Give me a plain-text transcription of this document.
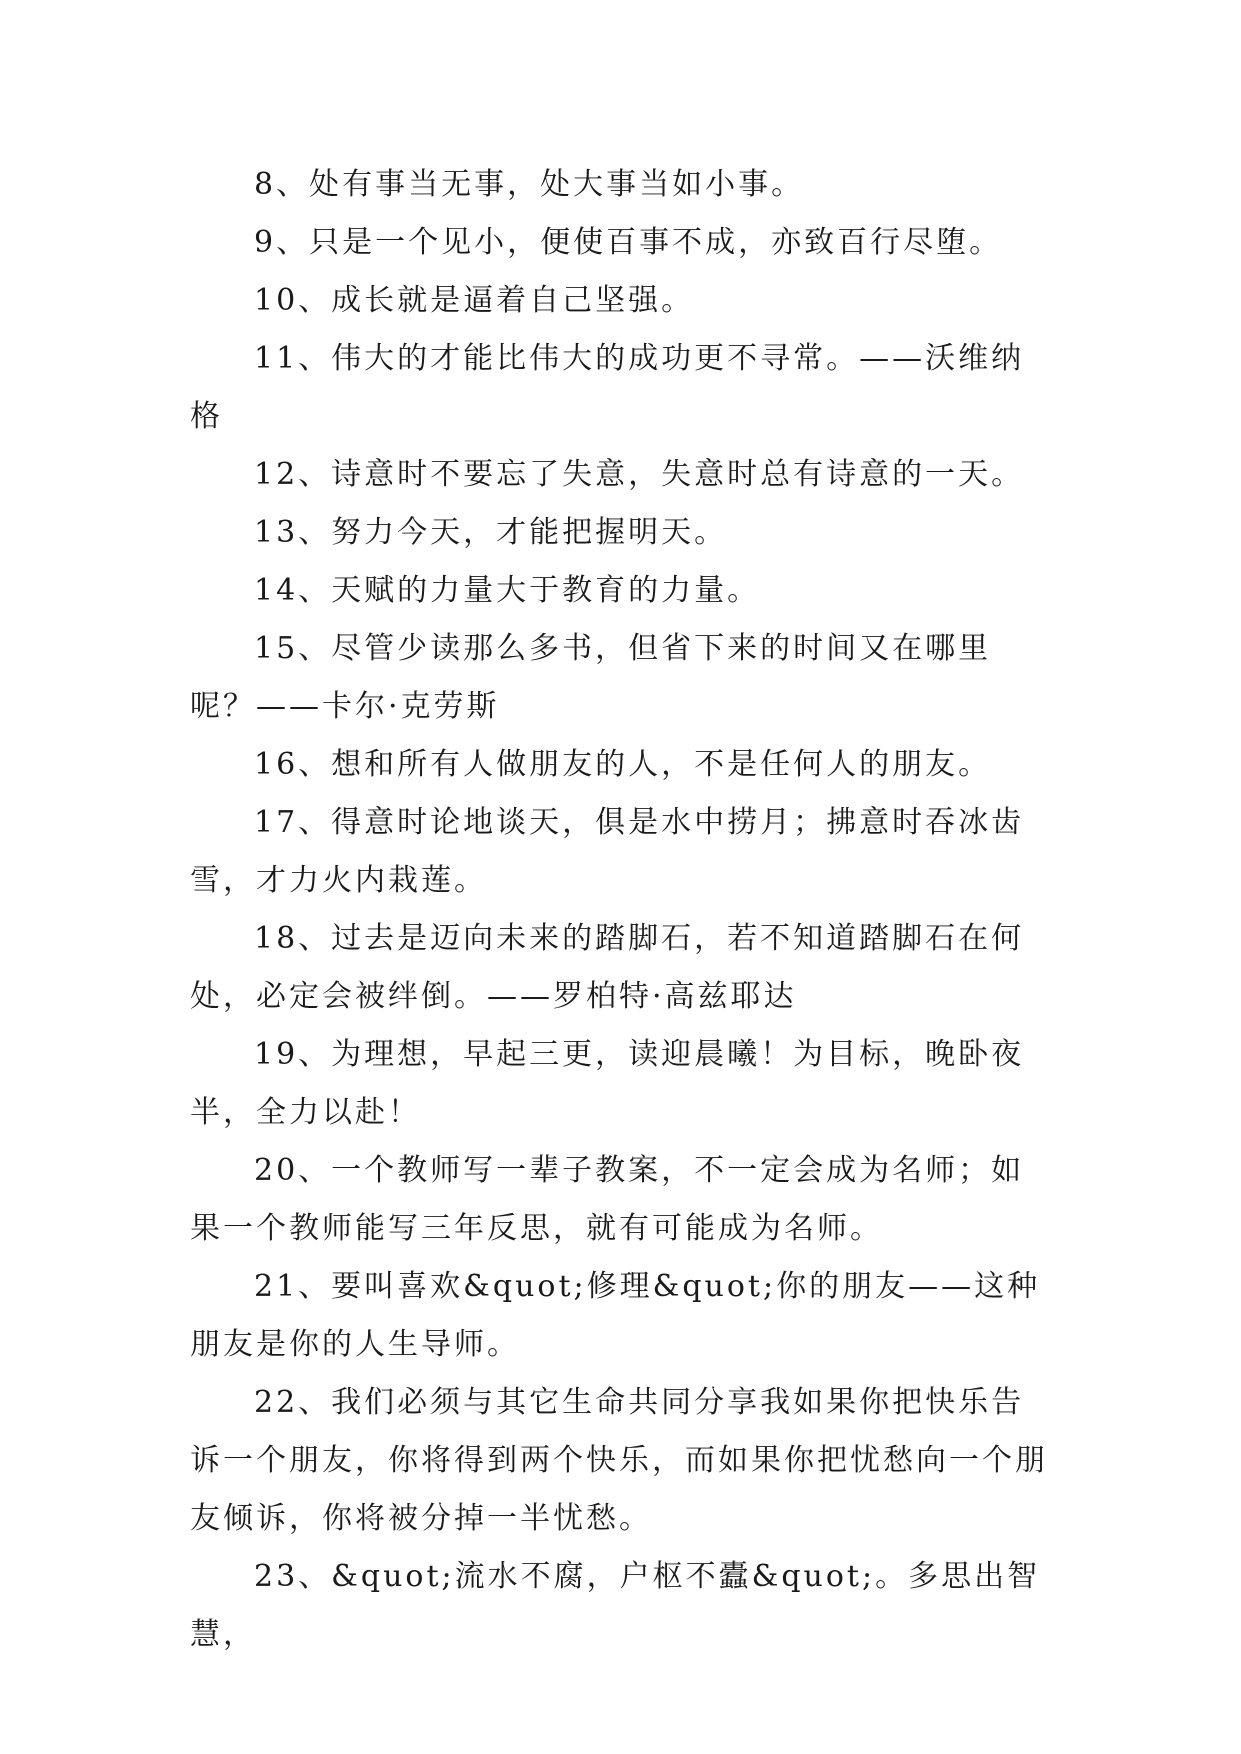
8、处有事当无事，处大事当如小事。

9、只是一个见小，便使百事不成，亦致百行尽堕。

10、成长就是逼着自己坚强。

11、伟大的才能比伟大的成功更不寻常。——沃维纳格

12、诗意时不要忘了失意，失意时总有诗意的一天。

13、努力今天，才能把握明天。

14、天赋的力量大于教育的力量。

15、尽管少读那么多书，但省下来的时间又在哪里呢？——卡尔·克劳斯

16、想和所有人做朋友的人，不是任何人的朋友。

17、得意时论地谈天，俱是水中捞月；拂意时吞冰齿雪，才力火内栽莲。

18、过去是迈向未来的踏脚石，若不知道踏脚石在何处，必定会被绊倒。——罗柏特·高兹耶达

19、为理想，早起三更，读迎晨曦！为目标，晚卧夜半，全力以赴！

20、一个教师写一辈子教案，不一定会成为名师；如果一个教师能写三年反思，就有可能成为名师。

21、要叫喜欢&quot;修理&quot;你的朋友——这种朋友是你的人生导师。

22、我们必须与其它生命共同分享我如果你把快乐告诉一个朋友，你将得到两个快乐，而如果你把忧愁向一个朋友倾诉，你将被分掉一半忧愁。

23、&quot;流水不腐，户枢不蠹&quot;。多思出智慧，
